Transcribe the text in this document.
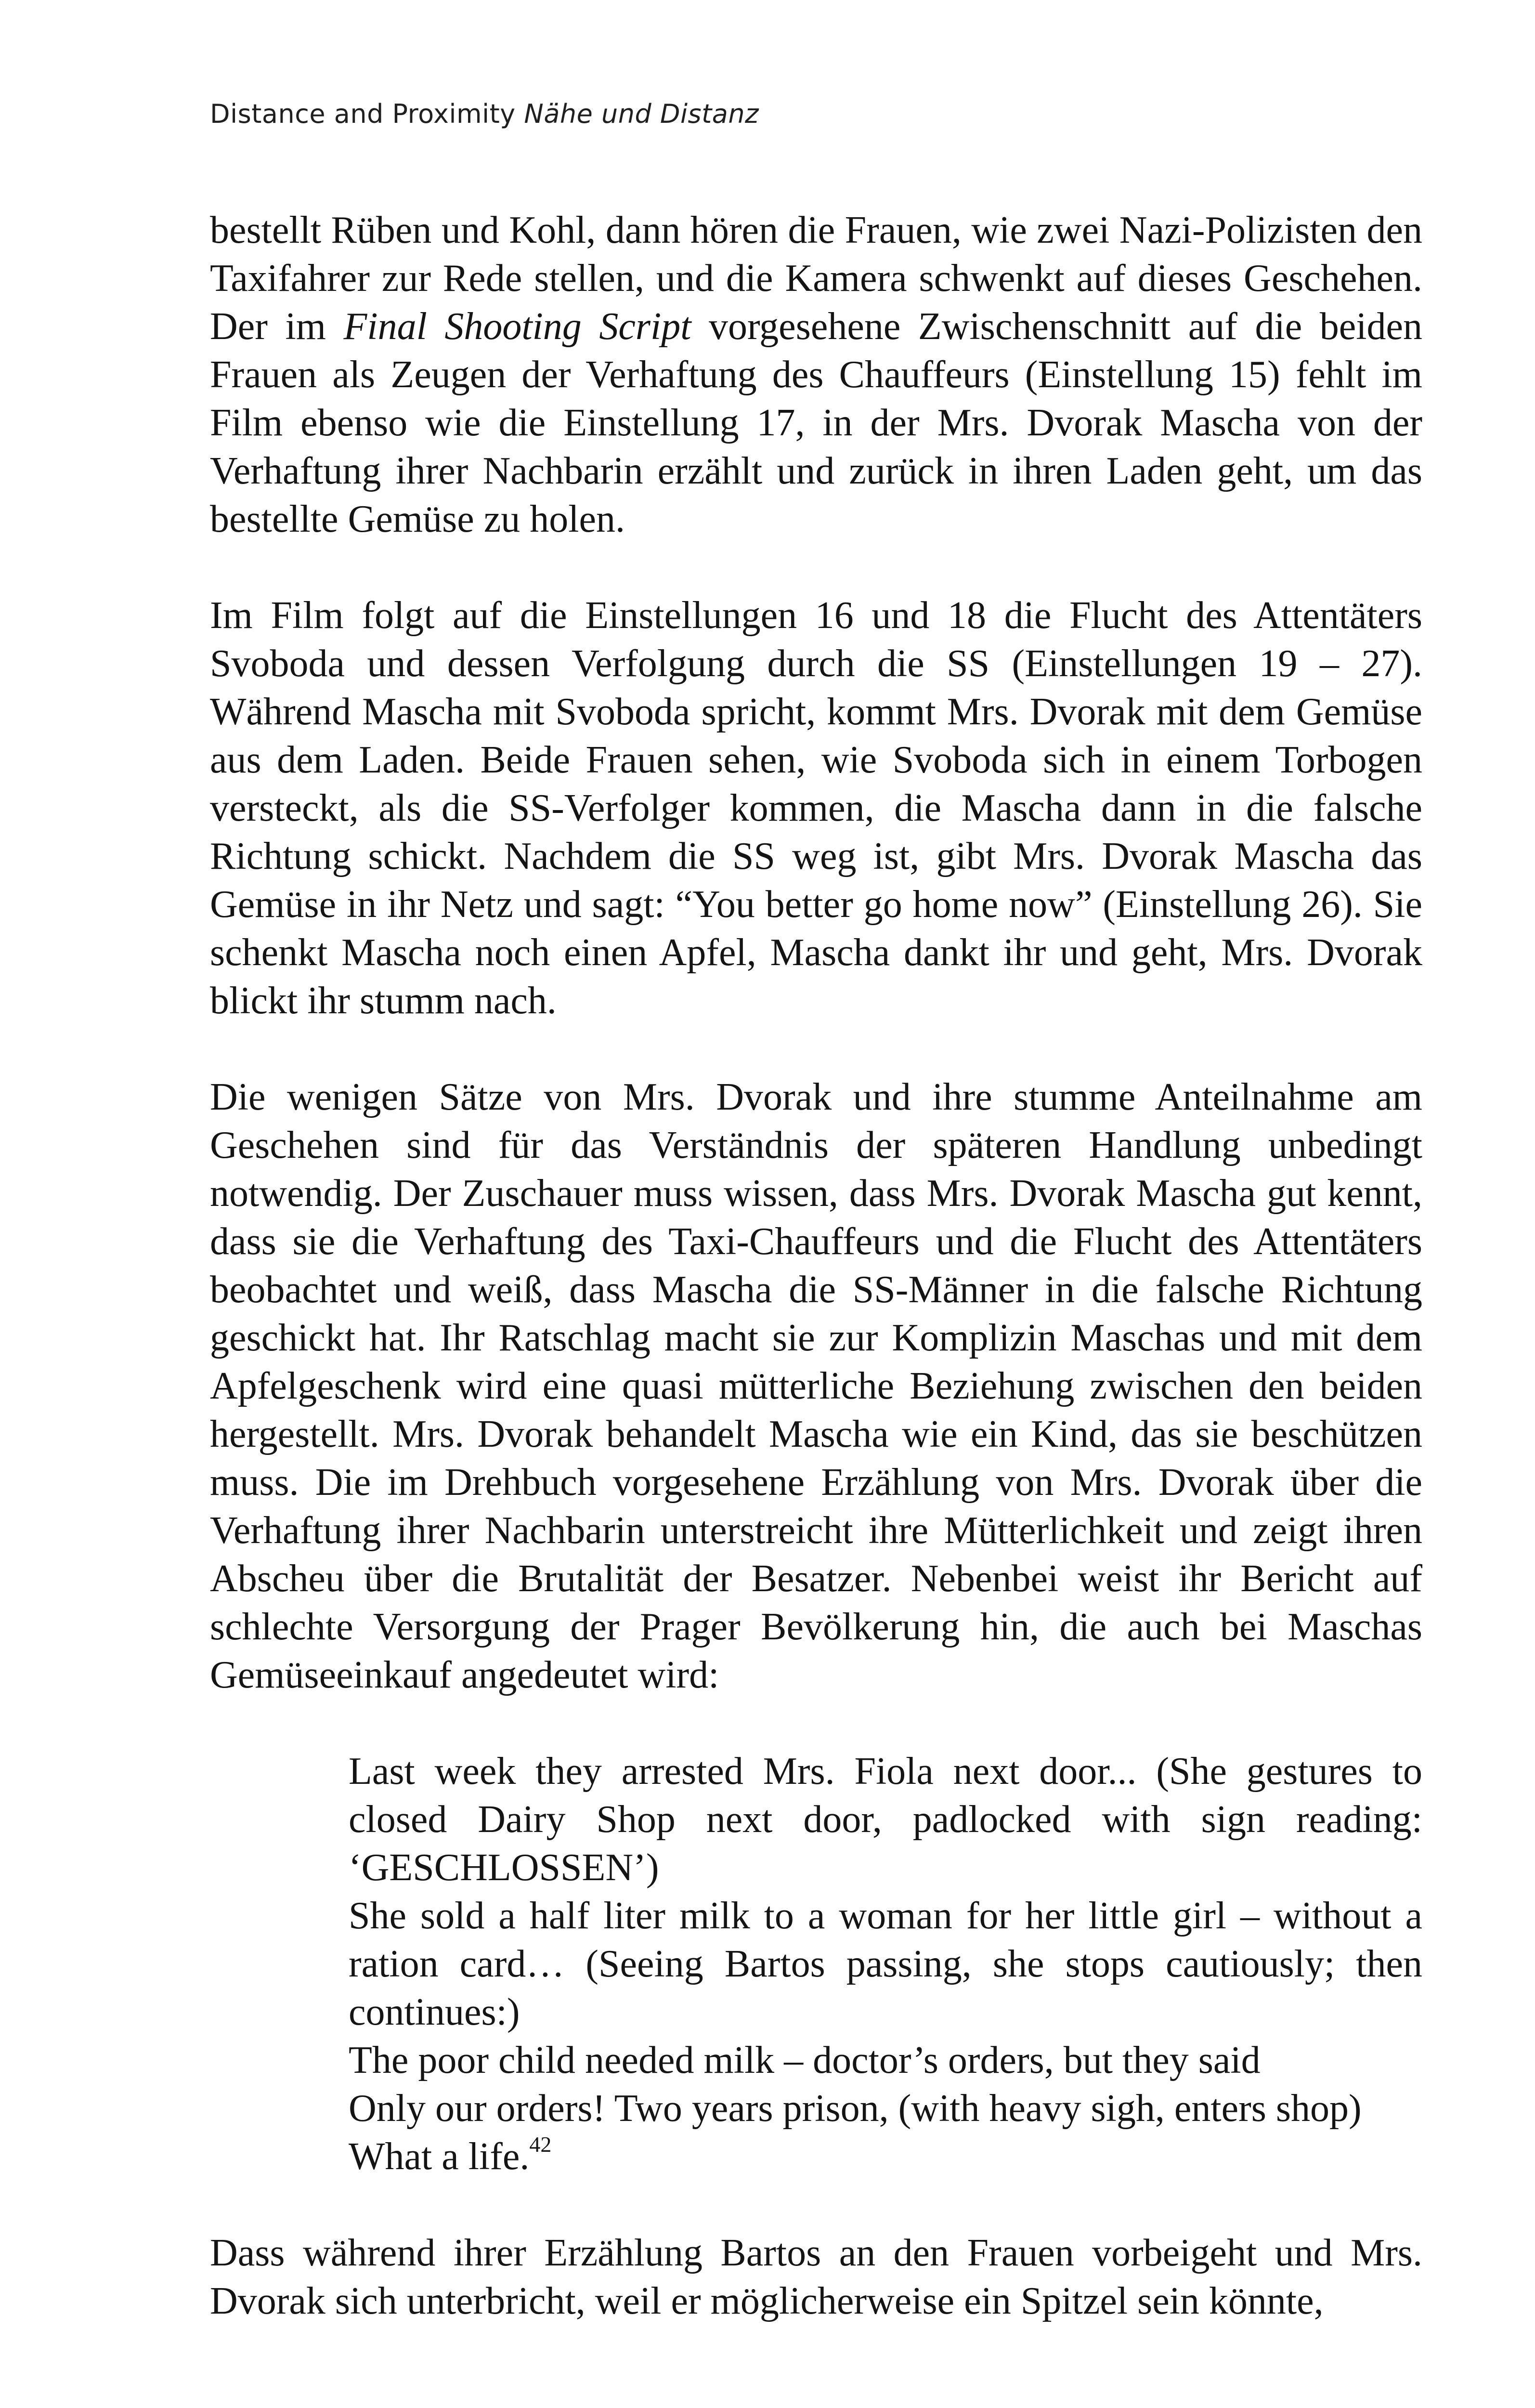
Distance and Proximity Nähe und Distanz

bestellt Rüben und Kohl, dann hören die Frauen, wie zwei Nazi-Polizisten den Taxifahrer zur Rede stellen, und die Kamera schwenkt auf dieses Geschehen. Der im Final Shooting Script vorgesehene Zwischenschnitt auf die beiden Frauen als Zeugen der Verhaftung des Chauffeurs (Einstellung 15) fehlt im Film ebenso wie die Einstellung 17, in der Mrs. Dvorak Mascha von der Verhaftung ihrer Nachbarin erzählt und zurück in ihren Laden geht, um das bestellte Gemüse zu holen.

Im Film folgt auf die Einstellungen 16 und 18 die Flucht des Attentäters Svoboda und dessen Verfolgung durch die SS (Einstellungen 19 – 27). Während Mascha mit Svoboda spricht, kommt Mrs. Dvorak mit dem Gemüse aus dem Laden. Beide Frauen sehen, wie Svoboda sich in einem Torbogen versteckt, als die SS-Verfolger kommen, die Mascha dann in die falsche Richtung schickt. Nachdem die SS weg ist, gibt Mrs. Dvorak Mascha das Gemüse in ihr Netz und sagt: “You better go home now” (Einstellung 26). Sie schenkt Mascha noch einen Apfel, Mascha dankt ihr und geht, Mrs. Dvorak blickt ihr stumm nach.

Die wenigen Sätze von Mrs. Dvorak und ihre stumme Anteilnahme am Geschehen sind für das Verständnis der späteren Handlung unbedingt notwendig. Der Zuschauer muss wissen, dass Mrs. Dvorak Mascha gut kennt, dass sie die Verhaftung des Taxi-Chauffeurs und die Flucht des Attentäters beobachtet und weiß, dass Mascha die SS-Männer in die falsche Richtung geschickt hat. Ihr Ratschlag macht sie zur Komplizin Maschas und mit dem Apfelgeschenk wird eine quasi mütterliche Beziehung zwischen den beiden hergestellt. Mrs. Dvorak behandelt Mascha wie ein Kind, das sie beschützen muss. Die im Drehbuch vorgesehene Erzählung von Mrs. Dvorak über die Verhaftung ihrer Nachbarin unterstreicht ihre Mütterlichkeit und zeigt ihren Abscheu über die Brutalität der Besatzer. Nebenbei weist ihr Bericht auf schlechte Versorgung der Prager Bevölkerung hin, die auch bei Maschas Gemüseeinkauf angedeutet wird:

Last week they arrested Mrs. Fiola next door... (She gestures to closed Dairy Shop next door, padlocked with sign reading: ‘GESCHLOSSEN’)
She sold a half liter milk to a woman for her little girl – without a ration card… (Seeing Bartos passing, she stops cautiously; then continues:)
The poor child needed milk – doctor’s orders, but they said
Only our orders! Two years prison, (with heavy sigh, enters shop)
What a life.$^{42}$

Dass während ihrer Erzählung Bartos an den Frauen vorbeigeht und Mrs. Dvorak sich unterbricht, weil er möglicherweise ein Spitzel sein könnte,
